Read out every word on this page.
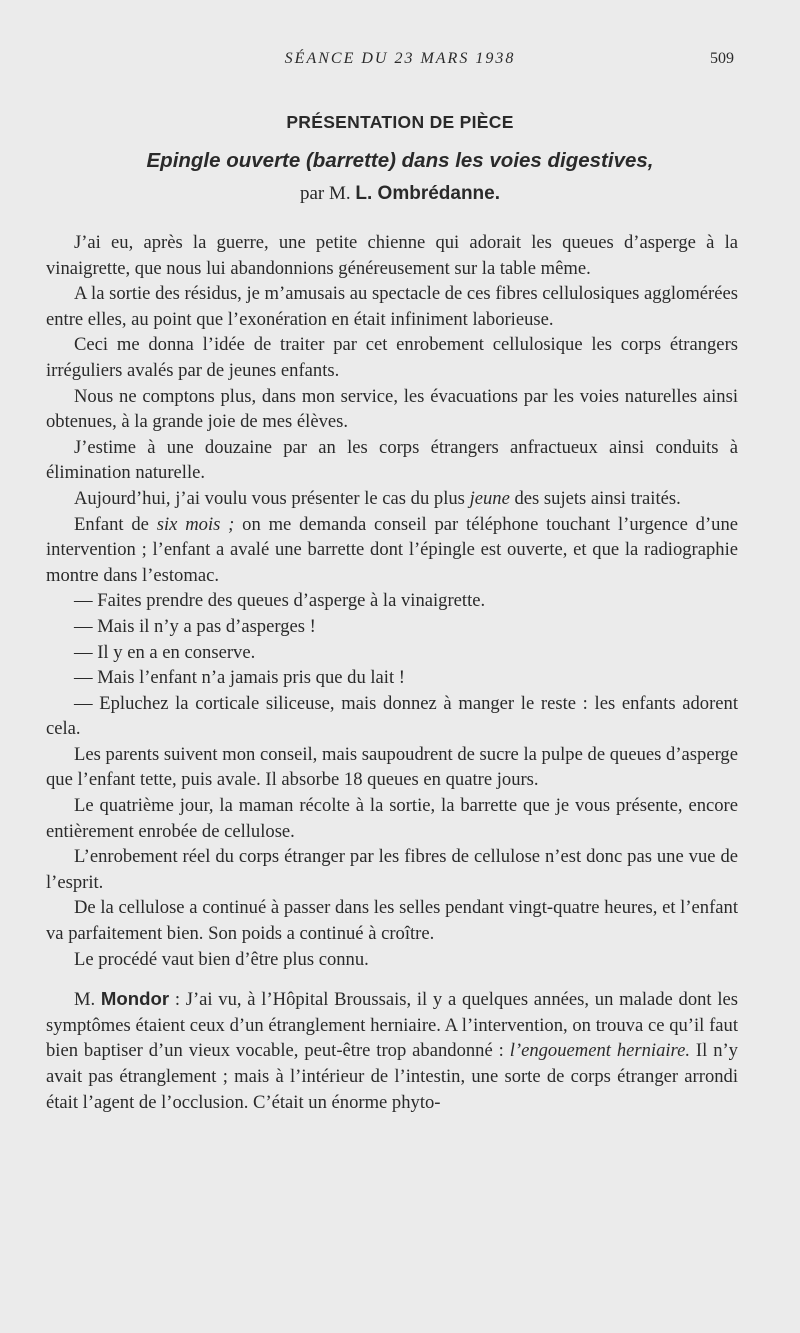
SÉANCE DU 23 MARS 1938	509
PRÉSENTATION DE PIÈCE
Epingle ouverte (barrette) dans les voies digestives,
par M. L. Ombrédanne.

J’ai eu, après la guerre, une petite chienne qui adorait les queues d’asperge à la vinaigrette, que nous lui abandonnions généreusement sur la table même.

A la sortie des résidus, je m’amusais au spectacle de ces fibres cellulosiques agglomérées entre elles, au point que l’exonération en était infiniment laborieuse.

Ceci me donna l’idée de traiter par cet enrobement cellulosique les corps étrangers irréguliers avalés par de jeunes enfants.

Nous ne comptons plus, dans mon service, les évacuations par les voies naturelles ainsi obtenues, à la grande joie de mes élèves.

J’estime à une douzaine par an les corps étrangers anfractueux ainsi conduits à élimination naturelle.

Aujourd’hui, j’ai voulu vous présenter le cas du plus jeune des sujets ainsi traités.

Enfant de six mois ; on me demanda conseil par téléphone touchant l’urgence d’une intervention ; l’enfant a avalé une barrette dont l’épingle est ouverte, et que la radiographie montre dans l’estomac.

— Faites prendre des queues d’asperge à la vinaigrette.

— Mais il n’y a pas d’asperges !

— Il y en a en conserve.

— Mais l’enfant n’a jamais pris que du lait !

— Epluchez la corticale siliceuse, mais donnez à manger le reste : les enfants adorent cela.

Les parents suivent mon conseil, mais saupoudrent de sucre la pulpe de queues d’asperge que l’enfant tette, puis avale. Il absorbe 18 queues en quatre jours.

Le quatrième jour, la maman récolte à la sortie, la barrette que je vous présente, encore entièrement enrobée de cellulose.

L’enrobement réel du corps étranger par les fibres de cellulose n’est donc pas une vue de l’esprit.

De la cellulose a continué à passer dans les selles pendant vingt-quatre heures, et l’enfant va parfaitement bien. Son poids a continué à croître.

Le procédé vaut bien d’être plus connu.

M. Mondor : J’ai vu, à l’Hôpital Broussais, il y a quelques années, un malade dont les symptômes étaient ceux d’un étranglement herniaire. A l’intervention, on trouva ce qu’il faut bien baptiser d’un vieux vocable, peut-être trop abandonné : l’engouement herniaire. Il n’y avait pas étranglement ; mais à l’intérieur de l’intestin, une sorte de corps étranger arrondi était l’agent de l’occlusion. C’était un énorme phyto-
